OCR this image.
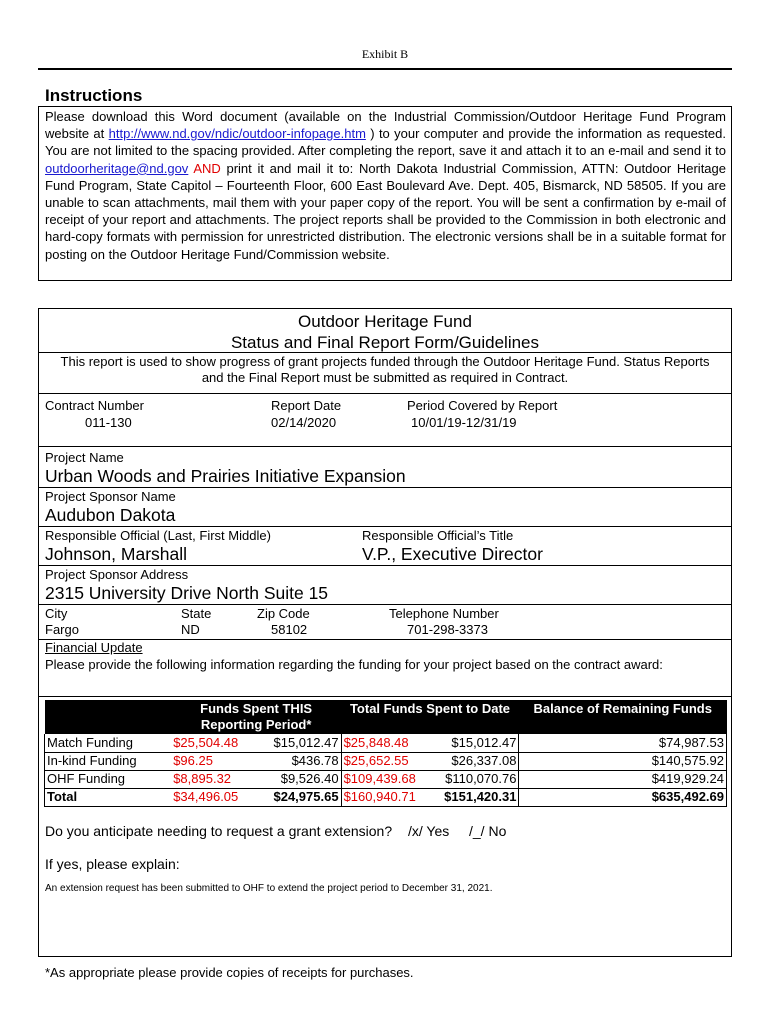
Exhibit B
Instructions
Please download this Word document (available on the Industrial Commission/Outdoor Heritage Fund Program website at http://www.nd.gov/ndic/outdoor-infopage.htm ) to your computer and provide the information as requested. You are not limited to the spacing provided. After completing the report, save it and attach it to an e-mail and send it to outdoorheritage@nd.gov AND print it and mail it to: North Dakota Industrial Commission, ATTN: Outdoor Heritage Fund Program, State Capitol – Fourteenth Floor, 600 East Boulevard Ave. Dept. 405, Bismarck, ND 58505. If you are unable to scan attachments, mail them with your paper copy of the report. You will be sent a confirmation by e-mail of receipt of your report and attachments. The project reports shall be provided to the Commission in both electronic and hard-copy formats with permission for unrestricted distribution. The electronic versions shall be in a suitable format for posting on the Outdoor Heritage Fund/Commission website.
Outdoor Heritage Fund
Status and Final Report Form/Guidelines
This report is used to show progress of grant projects funded through the Outdoor Heritage Fund. Status Reports and the Final Report must be submitted as required in Contract.
Contract Number
011-130
Report Date
02/14/2020
Period Covered by Report
10/01/19-12/31/19
Project Name
Urban Woods and Prairies Initiative Expansion
Project Sponsor Name
Audubon Dakota
Responsible Official (Last, First Middle)
Johnson, Marshall
Responsible Official’s Title
V.P., Executive Director
Project Sponsor Address
2315 University Drive North Suite 15
City
Fargo
State
ND
Zip Code
58102
Telephone Number
701-298-3373
Financial Update
Please provide the following information regarding the funding for your project based on the contract award:
	Funds Spent THIS Reporting Period*		Total Funds Spent to Date		Balance of Remaining Funds
Match Funding	$25,504.48	$15,012.47	$25,848.48	$15,012.47	$74,987.53
In-kind Funding	$96.25	$436.78	$25,652.55	$26,337.08	$140,575.92
OHF Funding	$8,895.32	$9,526.40	$109,439.68	$110,070.76	$419,929.24
Total	$34,496.05	$24,975.65	$160,940.71	$151,420.31	$635,492.69
Do you anticipate needing to request a grant extension? /x/ Yes /_/ No
If yes, please explain:
An extension request has been submitted to OHF to extend the project period to December 31, 2021.
*As appropriate please provide copies of receipts for purchases.
